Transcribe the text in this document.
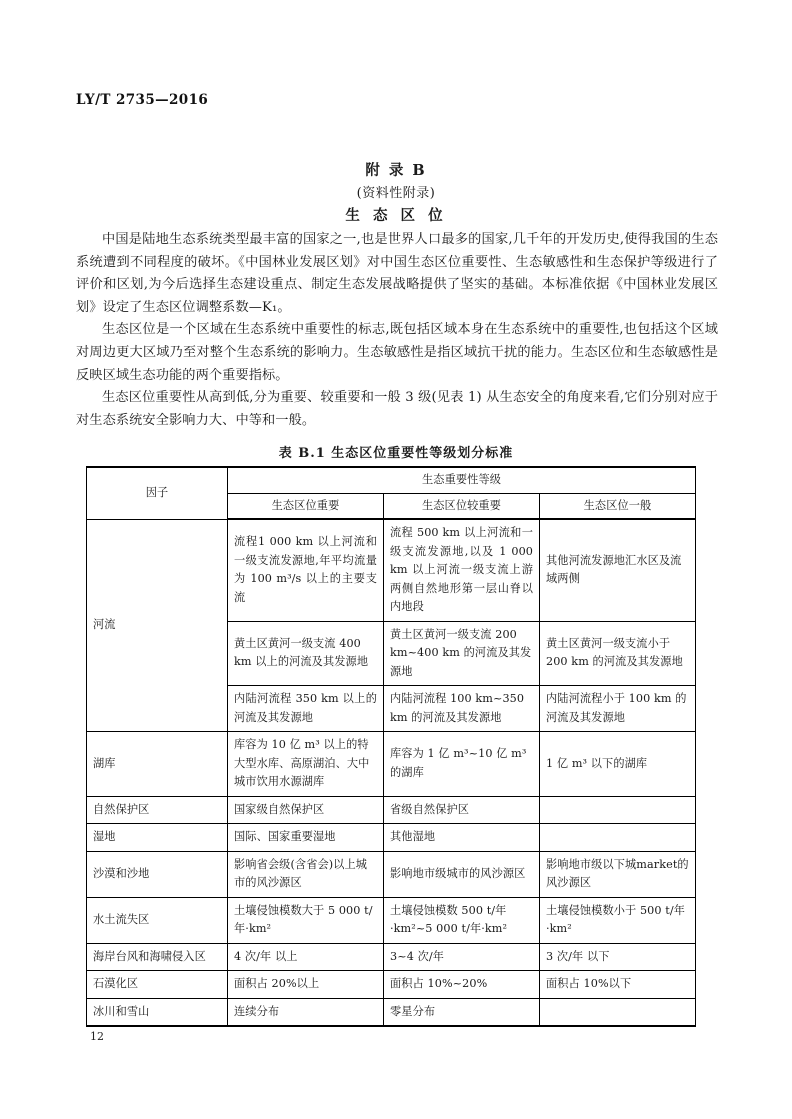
LY/T 2735—2016
附 录 B
(资料性附录)
生 态 区 位

中国是陆地生态系统类型最丰富的国家之一,也是世界人口最多的国家,几千年的开发历史,使得我国的生态系统遭到不同程度的破坏。《中国林业发展区划》对中国生态区位重要性、生态敏感性和生态保护等级进行了评价和区划,为今后选择生态建设重点、制定生态发展战略提供了坚实的基础。本标准依据《中国林业发展区划》设定了生态区位调整系数—K₁。

生态区位是一个区域在生态系统中重要性的标志,既包括区域本身在生态系统中的重要性,也包括这个区域对周边更大区域乃至对整个生态系统的影响力。生态敏感性是指区域抗干扰的能力。生态区位和生态敏感性是反映区域生态功能的两个重要指标。

生态区位重要性从高到低,分为重要、较重要和一般 3 级(见表 1) 从生态安全的角度来看,它们分别对应于对生态系统安全影响力大、中等和一般。

表 B.1 生态区位重要性等级划分标准
因子	生态重要性等级		
	生态区位重要	生态区位较重要	生态区位一般
河流	流程1 000 km 以上河流和一级支流发源地,年平均流量为 100 m³/s 以上的主要支流	流程 500 km 以上河流和一级支流发源地,以及 1 000 km 以上河流一级支流上游两侧自然地形第一层山脊以内地段	其他河流发源地汇水区及流域两侧
	黄土区黄河一级支流 400 km 以上的河流及其发源地	黄土区黄河一级支流 200 km~400 km 的河流及其发源地	黄土区黄河一级支流小于 200 km 的河流及其发源地
	内陆河流程 350 km 以上的河流及其发源地	内陆河流程 100 km~350 km 的河流及其发源地	内陆河流程小于 100 km 的河流及其发源地
湖库	库容为 10 亿 m³ 以上的特大型水库、高原湖泊、大中城市饮用水源湖库	库容为 1 亿 m³~10 亿 m³ 的湖库	1 亿 m³ 以下的湖库
自然保护区	国家级自然保护区	省级自然保护区	
湿地	国际、国家重要湿地	其他湿地	
沙漠和沙地	影响省会级(含省会)以上城市的风沙源区	影响地市级城市的风沙源区	影响地市级以下城market的风沙源区
水土流失区	土壤侵蚀模数大于 5 000 t/年·km²	土壤侵蚀模数 500 t/年·km²~5 000 t/年·km²	土壤侵蚀模数小于 500 t/年·km²
海岸台风和海啸侵入区	4 次/年 以上	3~4 次/年	3 次/年 以下
石漠化区	面积占 20%以上	面积占 10%~20%	面积占 10%以下
冰川和雪山	连续分布	零星分布	
12
